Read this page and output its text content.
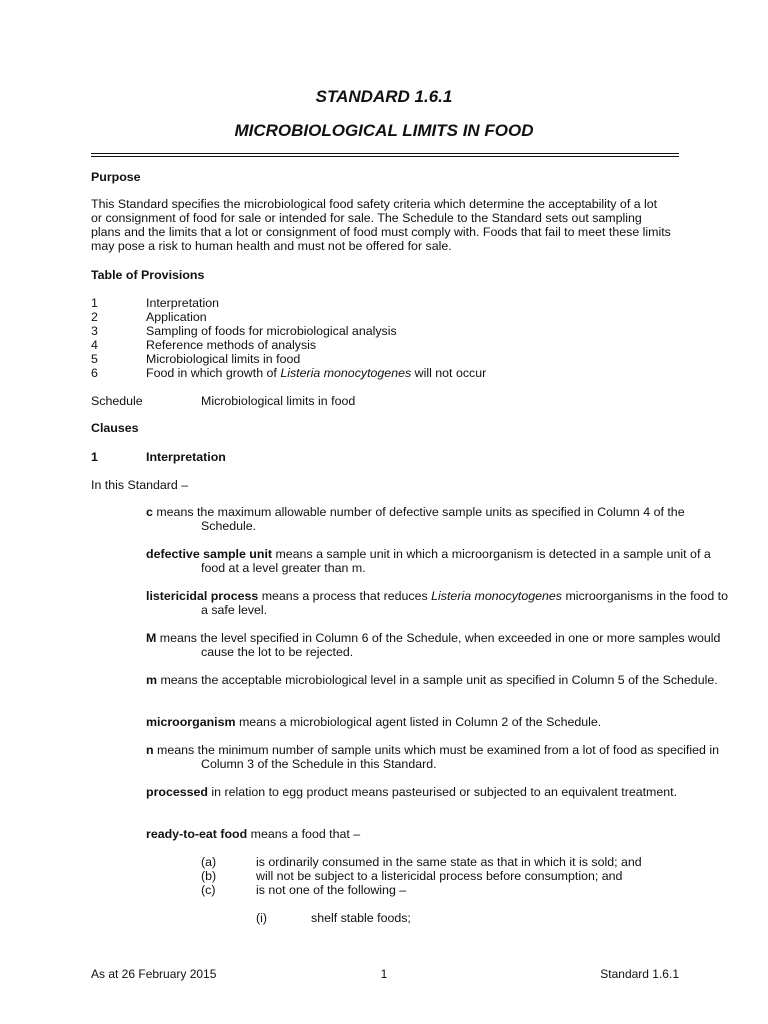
STANDARD 1.6.1
MICROBIOLOGICAL LIMITS IN FOOD

Purpose

This Standard specifies the microbiological food safety criteria which determine the acceptability of a lot or consignment of food for sale or intended for sale. The Schedule to the Standard sets out sampling plans and the limits that a lot or consignment of food must comply with. Foods that fail to meet these limits may pose a risk to human health and must not be offered for sale.

Table of Provisions

1	Interpretation
2	Application
3	Sampling of foods for microbiological analysis
4	Reference methods of analysis
5	Microbiological limits in food
6	Food in which growth of Listeria monocytogenes will not occur
Schedule	Microbiological limits in food

Clauses

1	Interpretation

In this Standard –

c means the maximum allowable number of defective sample units as specified in Column 4 of the Schedule.

defective sample unit means a sample unit in which a microorganism is detected in a sample unit of a food at a level greater than m.

listericidal process means a process that reduces Listeria monocytogenes microorganisms in the food to a safe level.

M means the level specified in Column 6 of the Schedule, when exceeded in one or more samples would cause the lot to be rejected.

m means the acceptable microbiological level in a sample unit as specified in Column 5 of the Schedule.

microorganism means a microbiological agent listed in Column 2 of the Schedule.

n means the minimum number of sample units which must be examined from a lot of food as specified in Column 3 of the Schedule in this Standard.

processed in relation to egg product means pasteurised or subjected to an equivalent treatment.

ready-to-eat food means a food that –

(a)	is ordinarily consumed in the same state as that in which it is sold; and
(b)	will not be subject to a listericidal process before consumption; and
(c)	is not one of the following –
(i)	shelf stable foods;

As at 26 February 2015	1	Standard 1.6.1
